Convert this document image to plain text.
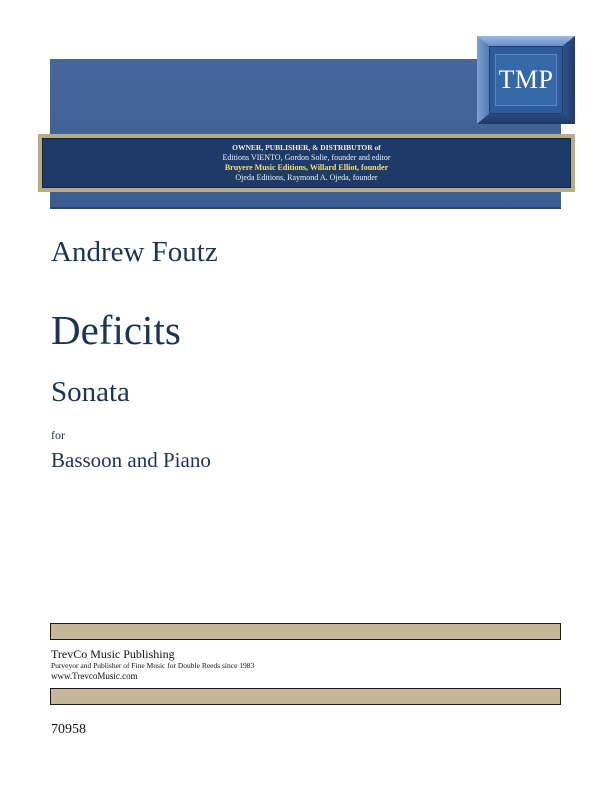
TMP
OWNER, PUBLISHER, & DISTRIBUTOR of
Editions VIENTO, Gordon Solie, founder and editor
Bruyere Music Editions, Willard Elliot, founder
Ojeda Editions, Raymond A. Ojeda, founder
Andrew Foutz
Deficits
Sonata
for
Bassoon and Piano
TrevCo Music Publishing
Purveyor and Publisher of Fine Music for Double Reeds since 1983
www.TrevcoMusic.com
70958
